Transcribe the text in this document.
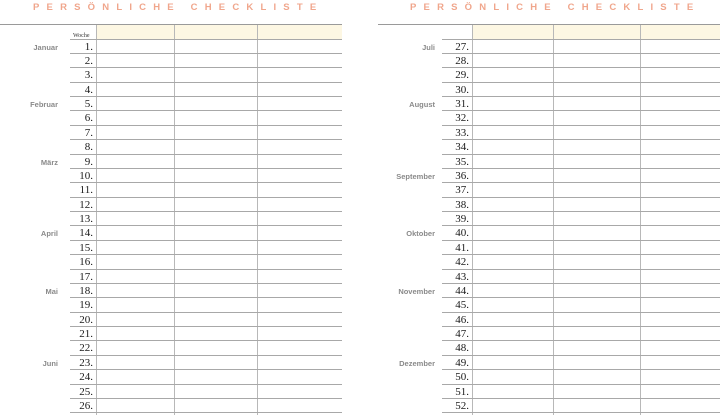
PERSÖNLICHE CHECKLISTE
Woche
1.
2.
3.
4.
5.
6.
7.
8.
9.
10.
11.
12.
13.
14.
15.
16.
17.
18.
19.
20.
21.
22.
23.
24.
25.
26.
Januar
Februar
März
April
Mai
Juni
PERSÖNLICHE CHECKLISTE
27.
28.
29.
30.
31.
32.
33.
34.
35.
36.
37.
38.
39.
40.
41.
42.
43.
44.
45.
46.
47.
48.
49.
50.
51.
52.
Juli
August
September
Oktober
November
Dezember
